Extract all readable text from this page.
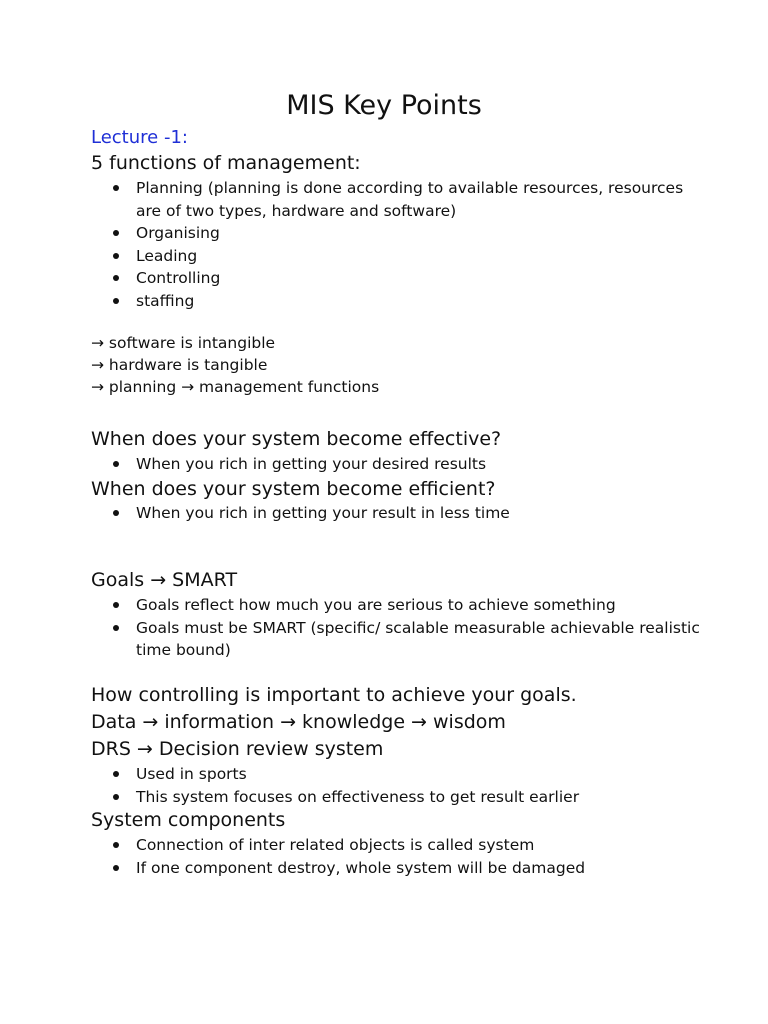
MIS Key Points
Lecture -1:
5 functions of management:
Planning (planning is done according to available resources, resources are of two types, hardware and software)
Organising
Leading
Controlling
staffing

→ software is intangible

→ hardware is tangible

→ planning → management functions

When does your system become effective?
When you rich in getting your desired results
When does your system become efficient?
When you rich in getting your result in less time
Goals → SMART
Goals reflect how much you are serious to achieve something
Goals must be SMART (specific/ scalable measurable achievable realistic time bound)
How controlling is important to achieve your goals.
Data → information → knowledge → wisdom
DRS → Decision review system
Used in sports
This system focuses on effectiveness to get result earlier
System components
Connection of inter related objects is called system
If one component destroy, whole system will be damaged
